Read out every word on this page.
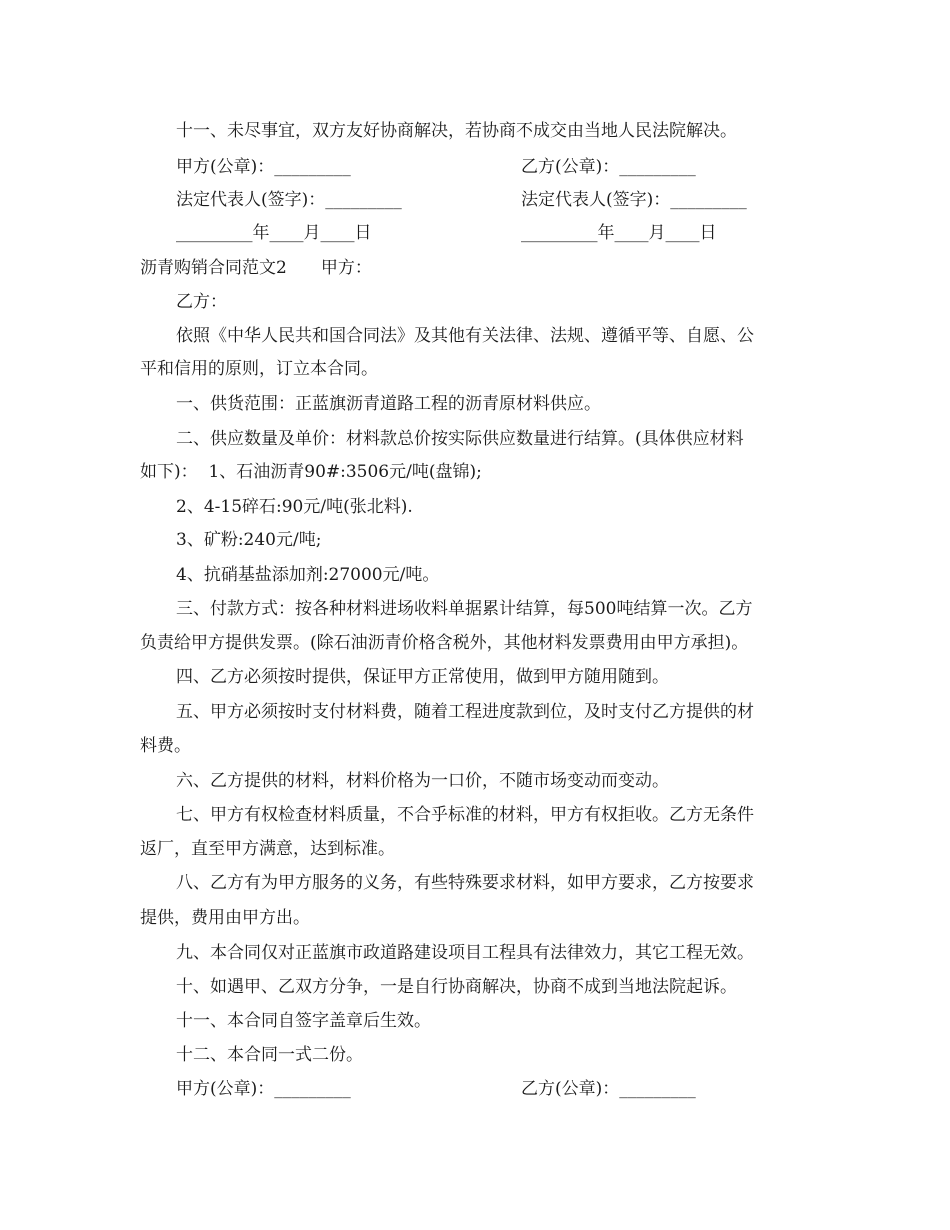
十一、未尽事宜，双方友好协商解决，若协商不成交由当地人民法院解决。
甲方(公章)：_________	乙方(公章)：_________
法定代表人(签字)：_________	法定代表人(签字)：_________
_________年____月____日	_________年____月____日
沥青购销合同范文2　　甲方：
乙方：
依照《中华人民共和国合同法》及其他有关法律、法规、遵循平等、自愿、公
平和信用的原则，订立本合同。
一、供货范围：正蓝旗沥青道路工程的沥青原材料供应。
二、供应数量及单价：材料款总价按实际供应数量进行结算。(具体供应材料
如下)：  1、石油沥青90#:3506元/吨(盘锦);
2、4-15碎石:90元/吨(张北料).
3、矿粉:240元/吨;
4、抗硝基盐添加剂:27000元/吨。
三、付款方式：按各种材料进场收料单据累计结算，每500吨结算一次。乙方
负责给甲方提供发票。(除石油沥青价格含税外，其他材料发票费用由甲方承担)。
四、乙方必须按时提供，保证甲方正常使用，做到甲方随用随到。
五、甲方必须按时支付材料费，随着工程进度款到位，及时支付乙方提供的材
料费。
六、乙方提供的材料，材料价格为一口价，不随市场变动而变动。
七、甲方有权检查材料质量，不合乎标准的材料，甲方有权拒收。乙方无条件
返厂，直至甲方满意，达到标准。
八、乙方有为甲方服务的义务，有些特殊要求材料，如甲方要求，乙方按要求
提供，费用由甲方出。
九、本合同仅对正蓝旗市政道路建设项目工程具有法律效力，其它工程无效。
十、如遇甲、乙双方分争，一是自行协商解决，协商不成到当地法院起诉。
十一、本合同自签字盖章后生效。
十二、本合同一式二份。
甲方(公章)：_________	乙方(公章)：_________
